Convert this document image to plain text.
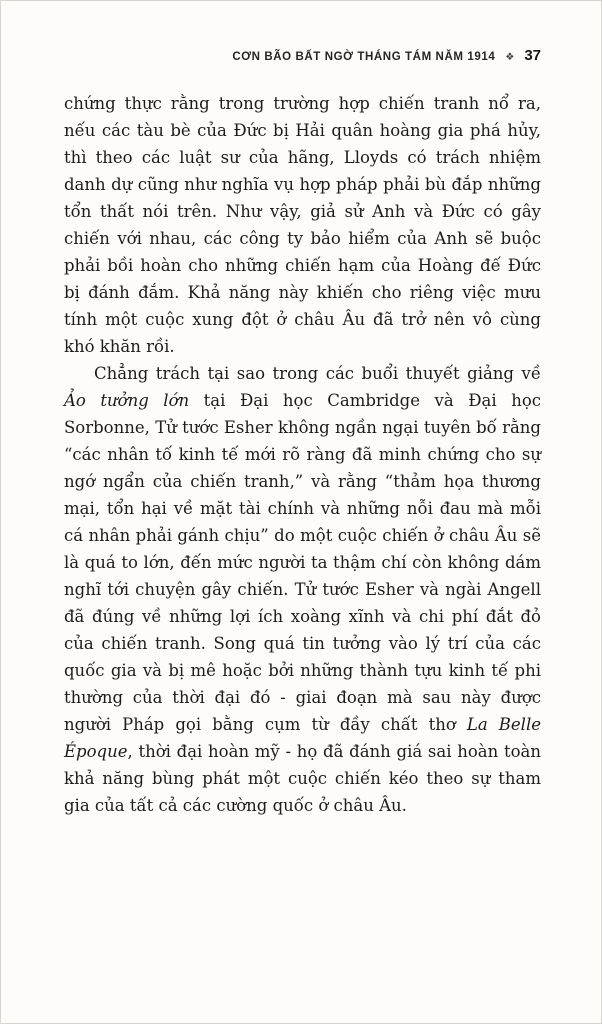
CƠN BÃO BẤT NGỜ THÁNG TÁM NĂM 1914 ❖ 37

chứng thực rằng trong trường hợp chiến tranh nổ ra, nếu các tàu bè của Đức bị Hải quân hoàng gia phá hủy, thì theo các luật sư của hãng, Lloyds có trách nhiệm danh dự cũng như nghĩa vụ hợp pháp phải bù đắp những tổn thất nói trên. Như vậy, giả sử Anh và Đức có gây chiến với nhau, các công ty bảo hiểm của Anh sẽ buộc phải bồi hoàn cho những chiến hạm của Hoàng đế Đức bị đánh đắm. Khả năng này khiến cho riêng việc mưu tính một cuộc xung đột ở châu Âu đã trở nên vô cùng khó khăn rồi.

Chẳng trách tại sao trong các buổi thuyết giảng về Ảo tưởng lớn tại Đại học Cambridge và Đại học Sorbonne, Tử tước Esher không ngần ngại tuyên bố rằng “các nhân tố kinh tế mới rõ ràng đã minh chứng cho sự ngớ ngẩn của chiến tranh,” và rằng “thảm họa thương mại, tổn hại về mặt tài chính và những nỗi đau mà mỗi cá nhân phải gánh chịu” do một cuộc chiến ở châu Âu sẽ là quá to lớn, đến mức người ta thậm chí còn không dám nghĩ tới chuyện gây chiến. Tử tước Esher và ngài Angell đã đúng về những lợi ích xoàng xĩnh và chi phí đắt đỏ của chiến tranh. Song quá tin tưởng vào lý trí của các quốc gia và bị mê hoặc bởi những thành tựu kinh tế phi thường của thời đại đó - giai đoạn mà sau này được người Pháp gọi bằng cụm từ đầy chất thơ La Belle Époque, thời đại hoàn mỹ - họ đã đánh giá sai hoàn toàn khả năng bùng phát một cuộc chiến kéo theo sự tham gia của tất cả các cường quốc ở châu Âu.
